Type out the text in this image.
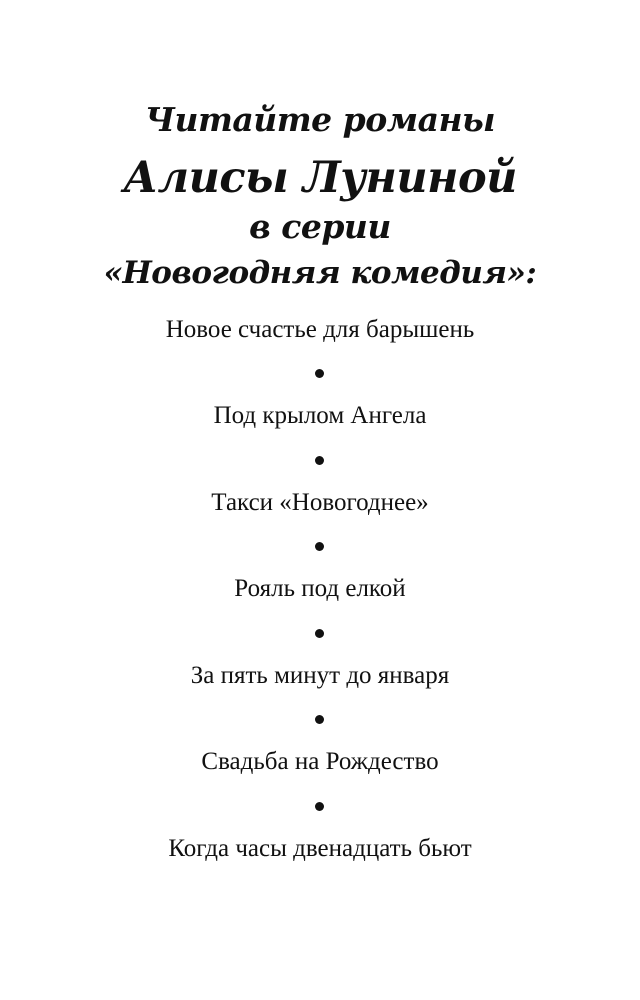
Читайте романы
Алисы Луниной
в серии
«Новогодняя комедия»:
Новое счастье для барышень
Под крылом Ангела
Такси «Новогоднее»
Рояль под елкой
За пять минут до января
Свадьба на Рождество
Когда часы двенадцать бьют
